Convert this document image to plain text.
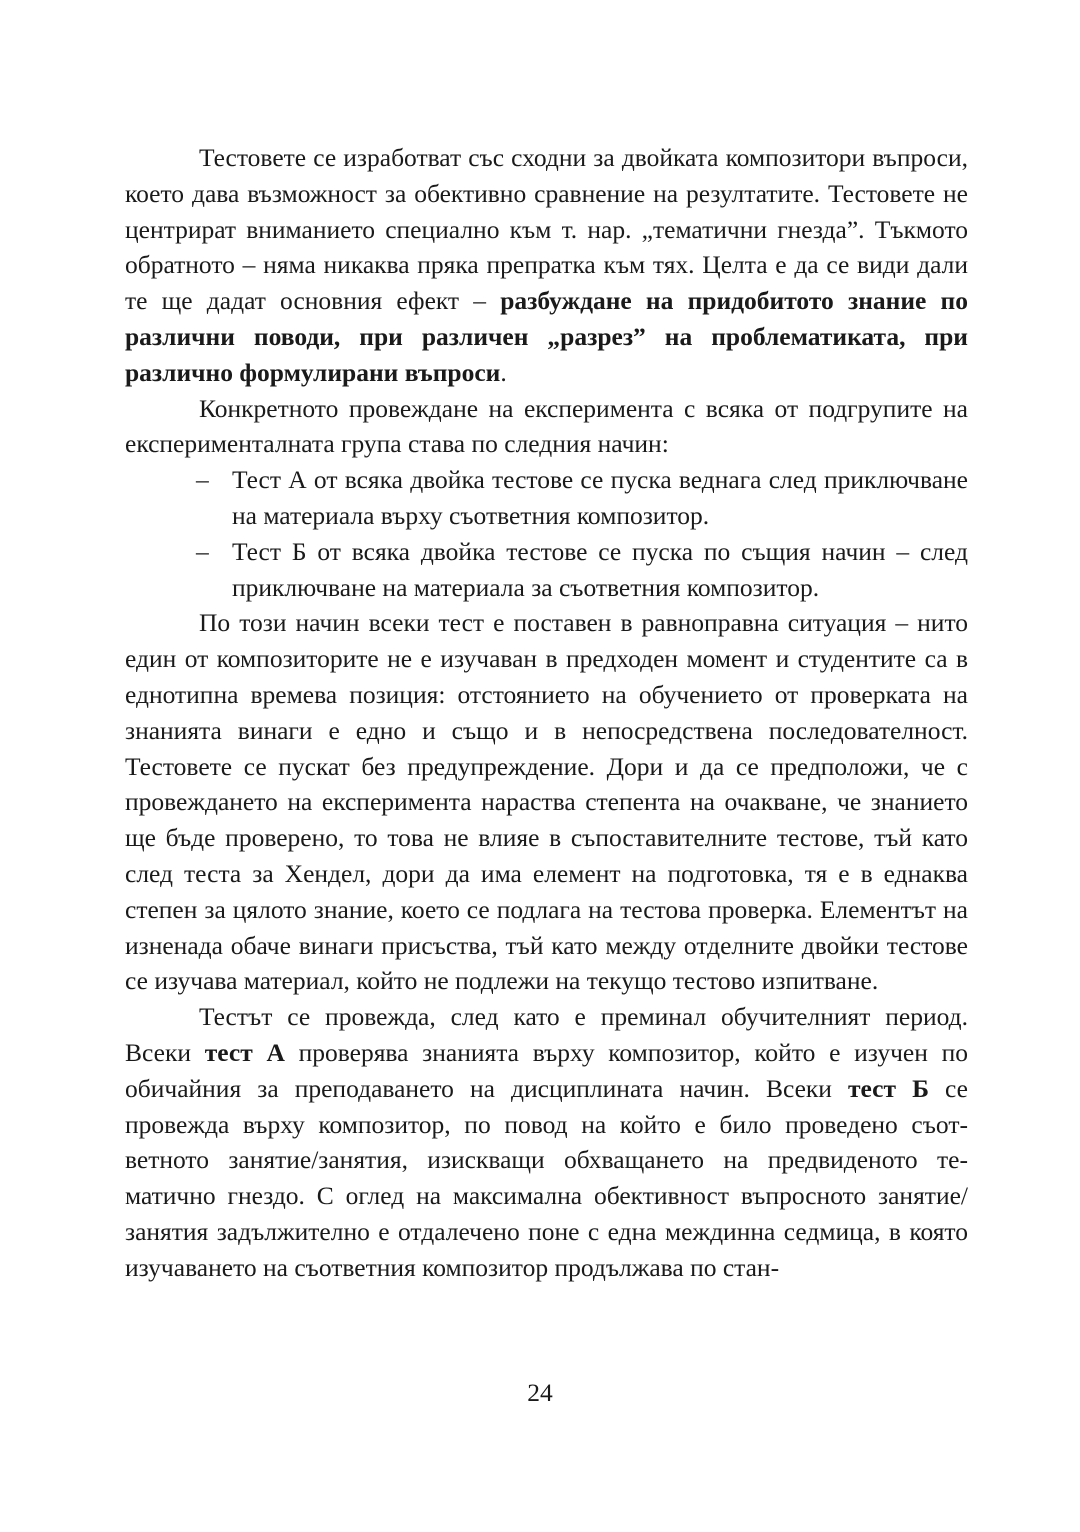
Тестовете се изработват със сходни за двойката композитори въпроси, което дава възможност за обективно сравнение на резултатите. Тестовете не центрират вниманието специално към т. нар. „тематични гнезда”. Тъкмото обратното – няма никаква пряка препратка към тях. Целта е да се види дали те ще дадат основния ефект – разбуждане на придобитото знание по различни поводи, при различен „разрез” на проблематиката, при различно формулирани въпроси.

Конкретното провеждане на експеримента с всяка от подгрупите на експерименталната група става по следния начин:

– Тест А от всяка двойка тестове се пуска веднага след приключване на материала върху съответния композитор.
– Тест Б от всяка двойка тестове се пуска по същия начин – след приключване на материала за съответния композитор.

По този начин всеки тест е поставен в равноправна ситуация – нито един от композиторите не е изучаван в предходен момент и студентите са в еднотипна времева позиция: отстоянието на обучението от проверката на знанията винаги е едно и също и в непосредствена последователност. Тестовете се пускат без предупреждение. Дори и да се предположи, че с провеждането на експеримента нараства степента на очакване, че знанието ще бъде проверено, то това не влияе в съпоставителните тестове, тъй като след теста за Хендел, дори да има елемент на подготовка, тя е в еднаква степен за цялото знание, което се подлага на тестова проверка. Елементът на изненада обаче винаги присъства, тъй като между отделните двойки тестове се изучава материал, който не подлежи на текущо тестово изпитване.

Тестът се провежда, след като е преминал обучителният период. Всеки тест А проверява знанията върху композитор, който е изучен по обичайния за преподаването на дисциплината начин. Всеки тест Б се провежда върху композитор, по повод на който е било проведено съответното занятие/занятия, изискващи обхващането на предвиденото тематично гнездо. С оглед на максимална обективност въпросното занятие/занятия задължително е отдалечено поне с една междинна седмица, в която изучаването на съответния композитор продължава по стан-

24
